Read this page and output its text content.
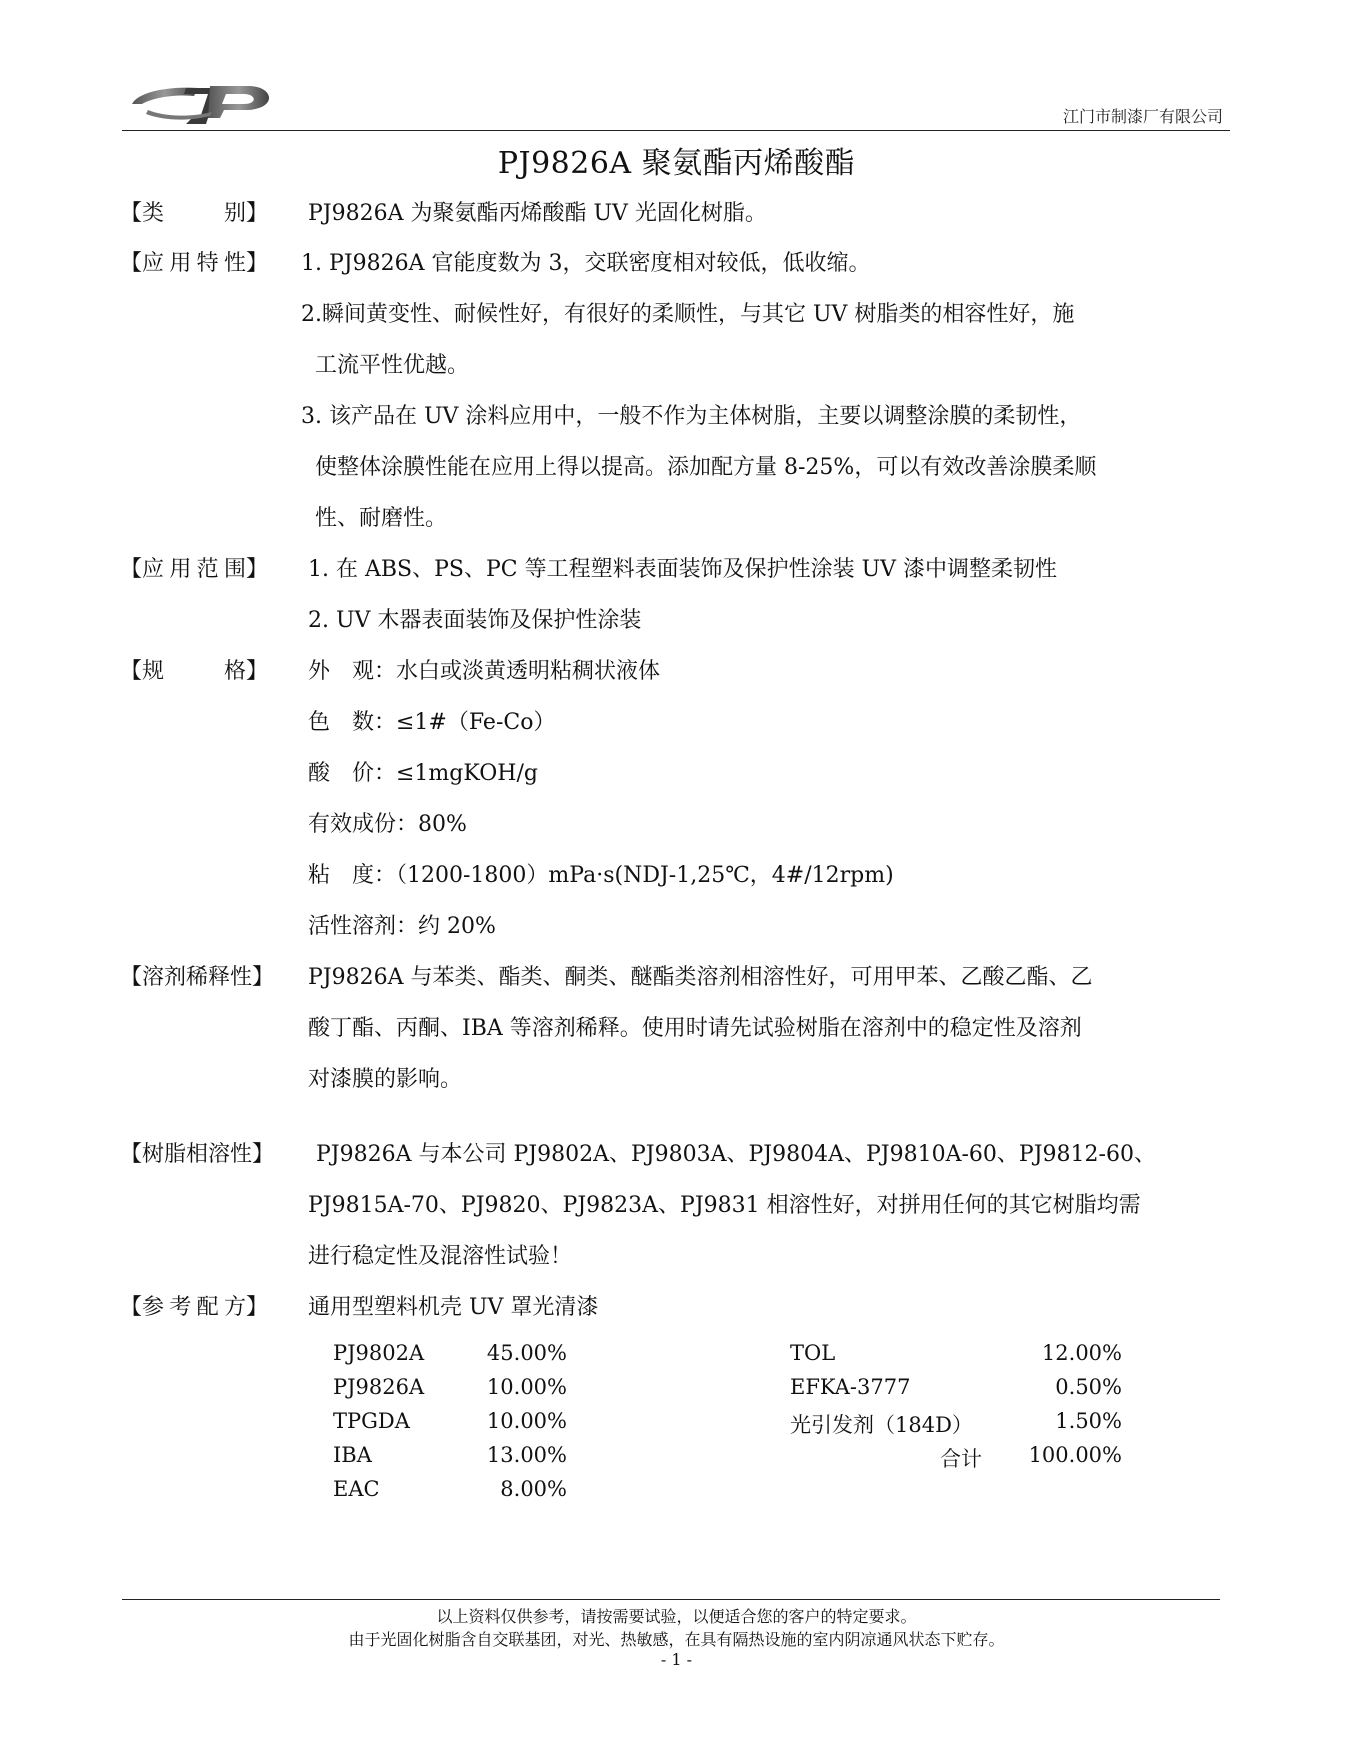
江门市制漆厂有限公司
PJ9826A 聚氨酯丙烯酸酯
【类　别】 PJ9826A 为聚氨酯丙烯酸酯 UV 光固化树脂。
【应用特性】 1. PJ9826A 官能度数为 3，交联密度相对较低，低收缩。
2.瞬间黄变性、耐候性好，有很好的柔顺性，与其它 UV 树脂类的相容性好，施
工流平性优越。
3. 该产品在 UV 涂料应用中，一般不作为主体树脂，主要以调整涂膜的柔韧性，
使整体涂膜性能在应用上得以提高。添加配方量 8-25%，可以有效改善涂膜柔顺
性、耐磨性。
【应用范围】 1. 在 ABS、PS、PC 等工程塑料表面装饰及保护性涂装 UV 漆中调整柔韧性
2. UV 木器表面装饰及保护性涂装
【规　格】 外　观：水白或淡黄透明粘稠状液体
色　数：≤1#（Fe-Co）
酸　价：≤1mgKOH/g
有效成份：80%
粘　度：（1200-1800）mPa·s(NDJ-1,25℃，4#/12rpm)
活性溶剂：约 20%
【溶剂稀释性】 PJ9826A 与苯类、酯类、酮类、醚酯类溶剂相溶性好，可用甲苯、乙酸乙酯、乙
酸丁酯、丙酮、IBA 等溶剂稀释。使用时请先试验树脂在溶剂中的稳定性及溶剂
对漆膜的影响。
【树脂相溶性】 PJ9826A 与本公司 PJ9802A、PJ9803A、PJ9804A、PJ9810A-60、PJ9812-60、
PJ9815A-70、PJ9820、PJ9823A、PJ9831 相溶性好，对拼用任何的其它树脂均需
进行稳定性及混溶性试验！
【参考配方】 通用型塑料机壳 UV 罩光清漆
PJ9802A	45.00%
PJ9826A	10.00%
TPGDA	10.00%
IBA	13.00%
EAC	8.00%
TOL	12.00%
EFKA-3777	0.50%
光引发剂（184D）	1.50%
合计	100.00%
以上资料仅供参考，请按需要试验，以便适合您的客户的特定要求。
由于光固化树脂含自交联基团，对光、热敏感，在具有隔热设施的室内阴凉通风状态下贮存。
- 1 -
